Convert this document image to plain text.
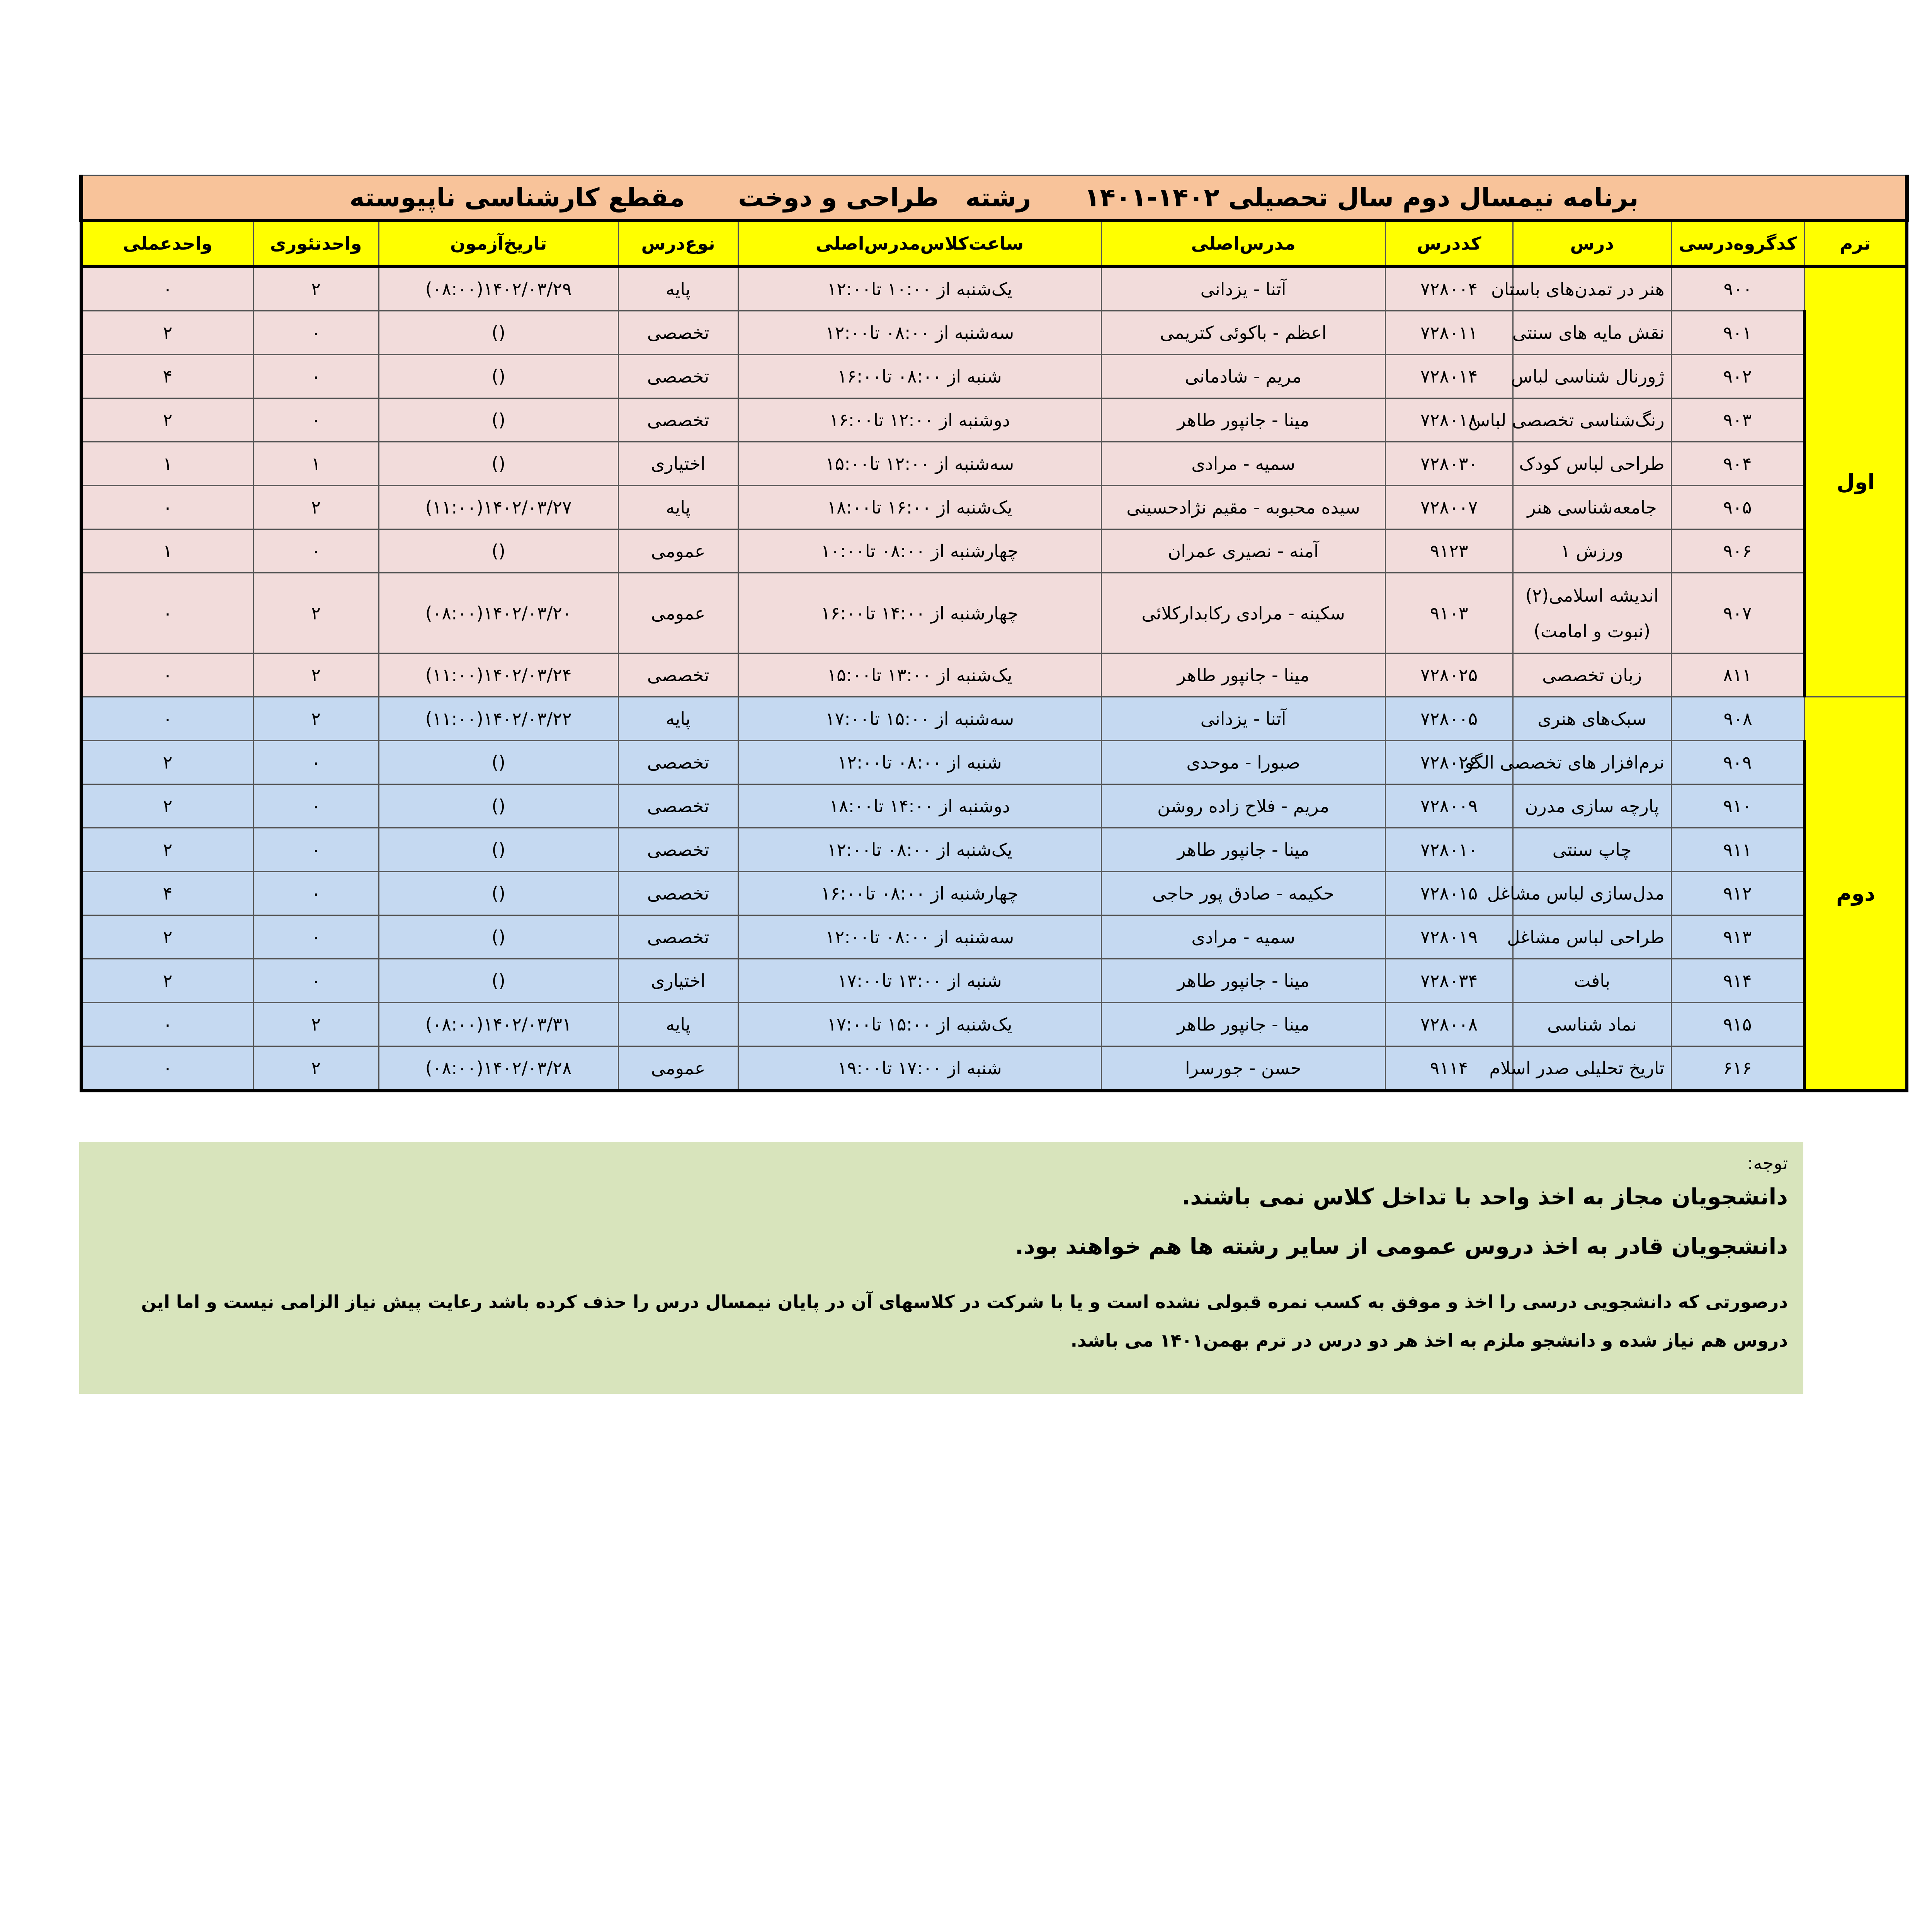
برنامه نیمسال دوم سال تحصیلی ۱۴۰۲-۱۴۰۱      رشته   طراحی و دوخت      مقطع کارشناسی ناپیوسته									
ترم	کدگروه‌درسی	درس	کددرس	مدرس‌اصلی	ساعت‌کلاس‌مدرس‌اصلی	نوع‌درس	تاریخ‌آزمون	واحدتئوری	واحدعملی
اول	۹۰۰	هنر در تمدن‌های باستان	۷۲۸۰۰۴	آتنا - یزدانی	یک‌شنبه از ۱۰:۰۰ تا۱۲:۰۰	پایه	۱۴۰۲/۰۳/۲۹(۰۸:۰۰)	۲	۰
	۹۰۱	نقش مایه های سنتی	۷۲۸۰۱۱	اعظم - باکوئی کتریمی	سه‌شنبه از ۰۸:۰۰ تا۱۲:۰۰	تخصصی	()	۰	۲
	۹۰۲	ژورنال شناسی لباس	۷۲۸۰۱۴	مریم - شادمانی	شنبه از ۰۸:۰۰ تا۱۶:۰۰	تخصصی	()	۰	۴
	۹۰۳	رنگ‌شناسی تخصصی لباس	۷۲۸۰۱۸	مینا - جانپور طاهر	دوشنبه از ۱۲:۰۰ تا۱۶:۰۰	تخصصی	()	۰	۲
	۹۰۴	طراحی لباس کودک	۷۲۸۰۳۰	سمیه - مرادی	سه‌شنبه از ۱۲:۰۰ تا۱۵:۰۰	اختیاری	()	۱	۱
	۹۰۵	جامعه‌شناسی هنر	۷۲۸۰۰۷	سیده محبوبه - مقیم نژادحسینی	یک‌شنبه از ۱۶:۰۰ تا۱۸:۰۰	پایه	۱۴۰۲/۰۳/۲۷(۱۱:۰۰)	۲	۰
	۹۰۶	ورزش ۱	۹۱۲۳	آمنه - نصیری عمران	چهارشنبه از ۰۸:۰۰ تا۱۰:۰۰	عمومی	()	۰	۱
	۹۰۷	اندیشه اسلامی(۲) (نبوت و امامت)	۹۱۰۳	سکینه - مرادی رکابدارکلائی	چهارشنبه از ۱۴:۰۰ تا۱۶:۰۰	عمومی	۱۴۰۲/۰۳/۲۰(۰۸:۰۰)	۲	۰
	۸۱۱	زبان تخصصی	۷۲۸۰۲۵	مینا - جانپور طاهر	یک‌شنبه از ۱۳:۰۰ تا۱۵:۰۰	تخصصی	۱۴۰۲/۰۳/۲۴(۱۱:۰۰)	۲	۰
دوم	۹۰۸	سبک‌های هنری	۷۲۸۰۰۵	آتنا - یزدانی	سه‌شنبه از ۱۵:۰۰ تا۱۷:۰۰	پایه	۱۴۰۲/۰۳/۲۲(۱۱:۰۰)	۲	۰
	۹۰۹	نرم‌افزار های تخصصی الگو	۷۲۸۰۲۶	صبورا - موحدی	شنبه از ۰۸:۰۰ تا۱۲:۰۰	تخصصی	()	۰	۲
	۹۱۰	پارچه سازی مدرن	۷۲۸۰۰۹	مریم - فلاح زاده روشن	دوشنبه از ۱۴:۰۰ تا۱۸:۰۰	تخصصی	()	۰	۲
	۹۱۱	چاپ سنتی	۷۲۸۰۱۰	مینا - جانپور طاهر	یک‌شنبه از ۰۸:۰۰ تا۱۲:۰۰	تخصصی	()	۰	۲
	۹۱۲	مدل‌سازی لباس مشاغل	۷۲۸۰۱۵	حکیمه - صادق پور حاجی	چهارشنبه از ۰۸:۰۰ تا۱۶:۰۰	تخصصی	()	۰	۴
	۹۱۳	طراحی لباس مشاغل	۷۲۸۰۱۹	سمیه - مرادی	سه‌شنبه از ۰۸:۰۰ تا۱۲:۰۰	تخصصی	()	۰	۲
	۹۱۴	بافت	۷۲۸۰۳۴	مینا - جانپور طاهر	شنبه از ۱۳:۰۰ تا۱۷:۰۰	اختیاری	()	۰	۲
	۹۱۵	نماد شناسی	۷۲۸۰۰۸	مینا - جانپور طاهر	یک‌شنبه از ۱۵:۰۰ تا۱۷:۰۰	پایه	۱۴۰۲/۰۳/۳۱(۰۸:۰۰)	۲	۰
	۶۱۶	تاریخ تحلیلی صدر اسلام	۹۱۱۴	حسن - جورسرا	شنبه از ۱۷:۰۰ تا۱۹:۰۰	عمومی	۱۴۰۲/۰۳/۲۸(۰۸:۰۰)	۲	۰

توجه:

دانشجویان مجاز به اخذ واحد با تداخل کلاس نمی باشند.

دانشجویان قادر به اخذ دروس عمومی از سایر رشته ها هم خواهند بود.

درصورتی که دانشجویی درسی را اخذ و موفق به کسب نمره قبولی نشده است و یا با شرکت در کلاسهای آن در پایان نیمسال درس را حذف کرده باشد رعایت پیش نیاز الزامی نیست و اما این دروس هم نیاز شده و دانشجو ملزم به اخذ هر دو درس در ترم بهمن۱۴۰۱ می باشد.
